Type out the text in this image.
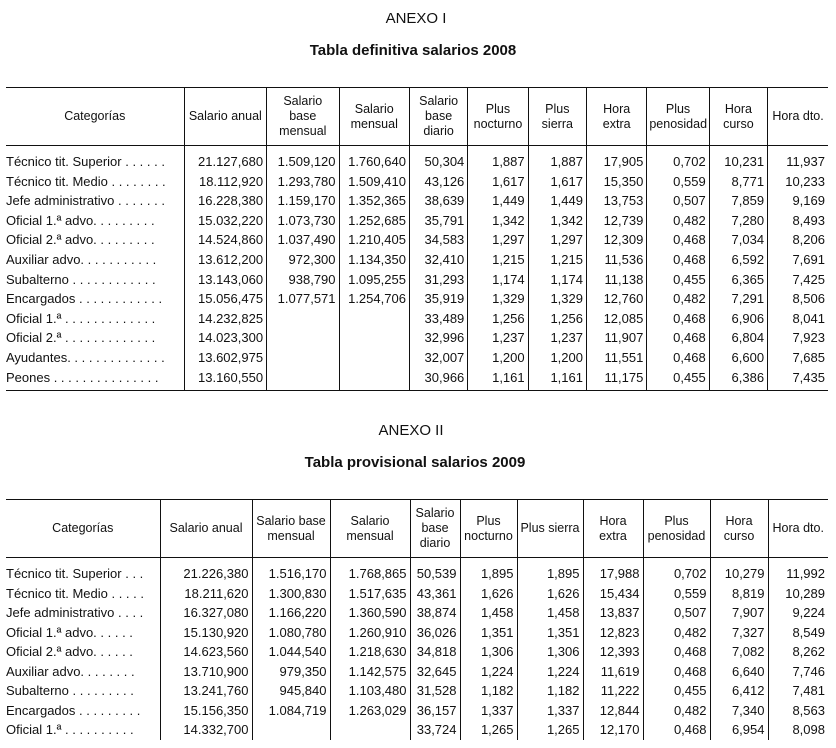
ANEXO I
Tabla definitiva salarios 2008
Categorías	Salario anual	Salario base mensual	Salario mensual	Salario base diario	Plus nocturno	Plus sierra	Hora extra	Plus penosidad	Hora curso	Hora dto.
Técnico tit. Superior . . . . . .	21.127,680	1.509,120	1.760,640	50,304	1,887	1,887	17,905	0,702	10,231	11,937
Técnico tit. Medio . . . . . . . .	18.112,920	1.293,780	1.509,410	43,126	1,617	1,617	15,350	0,559	8,771	10,233
Jefe administrativo . . . . . . .	16.228,380	1.159,170	1.352,365	38,639	1,449	1,449	13,753	0,507	7,859	9,169
Oficial 1.ª advo. . . . . . . . .	15.032,220	1.073,730	1.252,685	35,791	1,342	1,342	12,739	0,482	7,280	8,493
Oficial 2.ª advo. . . . . . . . .	14.524,860	1.037,490	1.210,405	34,583	1,297	1,297	12,309	0,468	7,034	8,206
Auxiliar advo. . . . . . . . . . .	13.612,200	972,300	1.134,350	32,410	1,215	1,215	11,536	0,468	6,592	7,691
Subalterno . . . . . . . . . . . .	13.143,060	938,790	1.095,255	31,293	1,174	1,174	11,138	0,455	6,365	7,425
Encargados . . . . . . . . . . . .	15.056,475	1.077,571	1.254,706	35,919	1,329	1,329	12,760	0,482	7,291	8,506
Oficial 1.ª . . . . . . . . . . . . .	14.232,825			33,489	1,256	1,256	12,085	0,468	6,906	8,041
Oficial 2.ª . . . . . . . . . . . . .	14.023,300			32,996	1,237	1,237	11,907	0,468	6,804	7,923
Ayudantes. . . . . . . . . . . . . .	13.602,975			32,007	1,200	1,200	11,551	0,468	6,600	7,685
Peones . . . . . . . . . . . . . . .	13.160,550			30,966	1,161	1,161	11,175	0,455	6,386	7,435
ANEXO II
Tabla provisional salarios 2009
Categorías	Salario anual	Salario base mensual	Salario mensual	Salario base diario	Plus nocturno	Plus sierra	Hora extra	Plus penosidad	Hora curso	Hora dto.
Técnico tit. Superior . . .	21.226,380	1.516,170	1.768,865	50,539	1,895	1,895	17,988	0,702	10,279	11,992
Técnico tit. Medio . . . . .	18.211,620	1.300,830	1.517,635	43,361	1,626	1,626	15,434	0,559	8,819	10,289
Jefe administrativo . . . .	16.327,080	1.166,220	1.360,590	38,874	1,458	1,458	13,837	0,507	7,907	9,224
Oficial 1.ª advo. . . . . .	15.130,920	1.080,780	1.260,910	36,026	1,351	1,351	12,823	0,482	7,327	8,549
Oficial 2.ª advo. . . . . .	14.623,560	1.044,540	1.218,630	34,818	1,306	1,306	12,393	0,468	7,082	8,262
Auxiliar advo. . . . . . . .	13.710,900	979,350	1.142,575	32,645	1,224	1,224	11,619	0,468	6,640	7,746
Subalterno . . . . . . . . .	13.241,760	945,840	1.103,480	31,528	1,182	1,182	11,222	0,455	6,412	7,481
Encargados . . . . . . . . .	15.156,350	1.084,719	1.263,029	36,157	1,337	1,337	12,844	0,482	7,340	8,563
Oficial 1.ª . . . . . . . . . .	14.332,700			33,724	1,265	1,265	12,170	0,468	6,954	8,098
